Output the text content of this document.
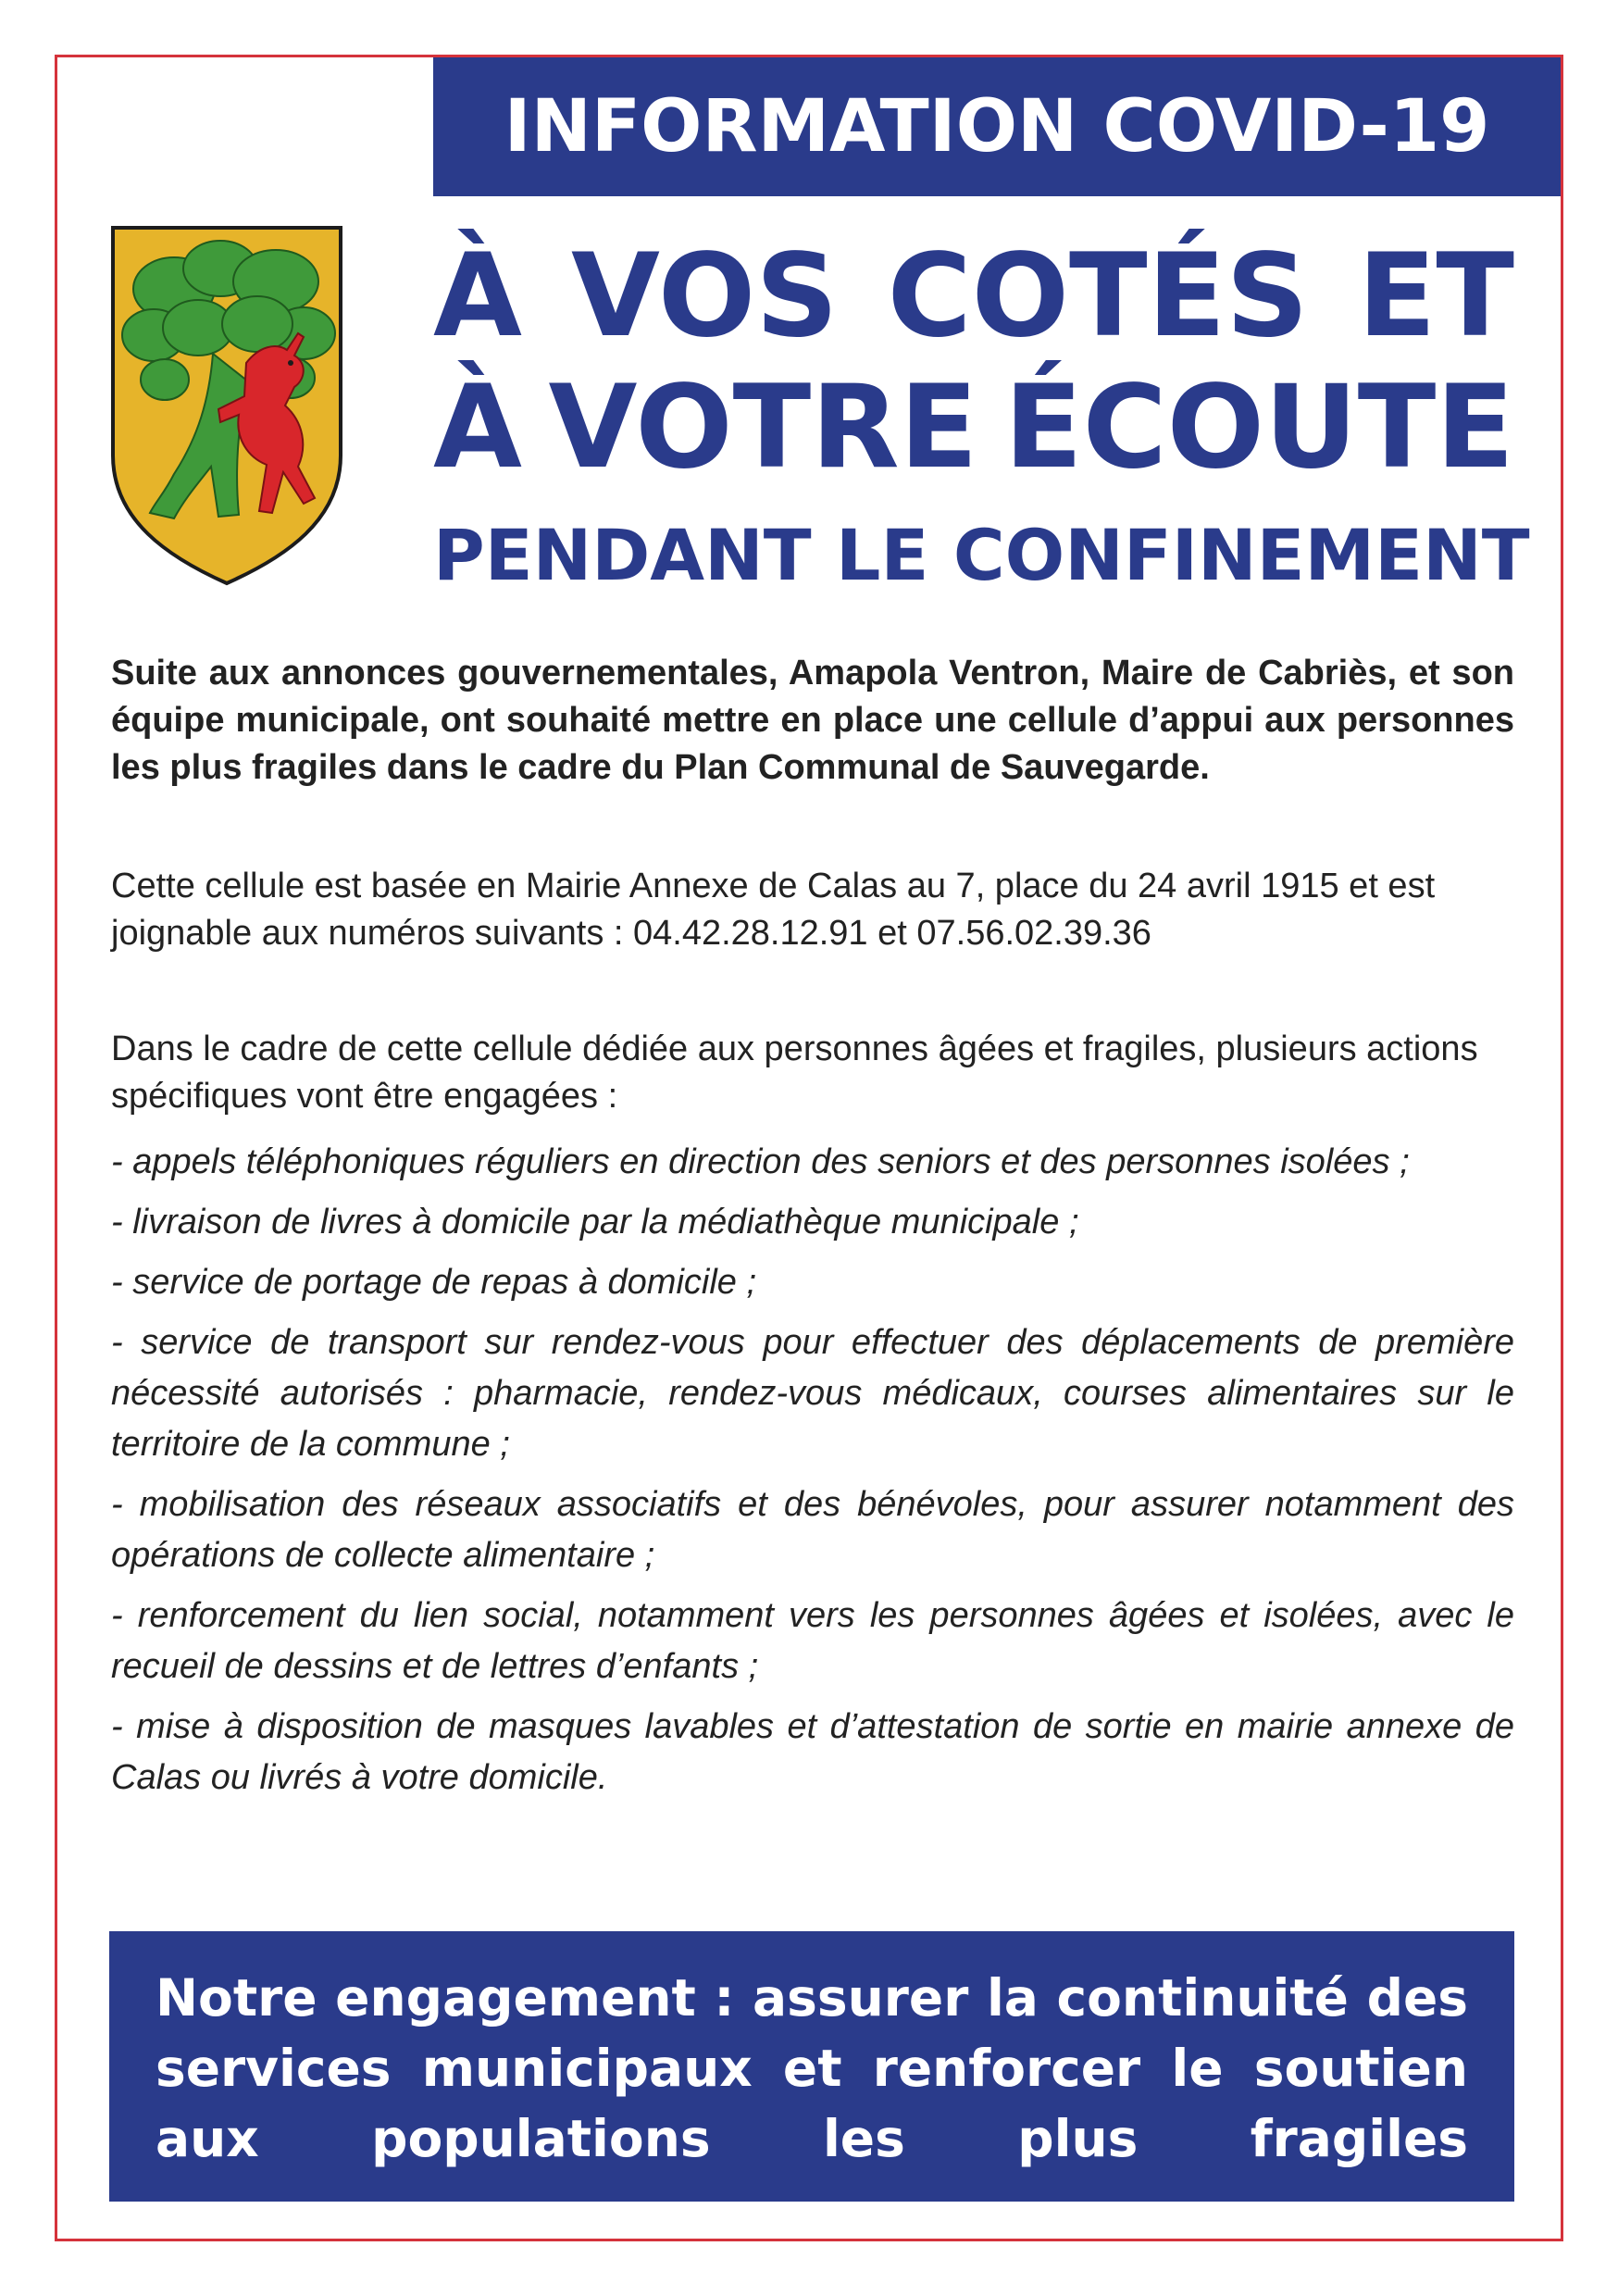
INFORMATION COVID-19
À VOS COTÉS ET
À VOTRE ÉCOUTE
PENDANT LE CONFINEMENT
Suite aux annonces gouvernementales, Amapola Ventron, Maire de Cabriès, et son équipe municipale, ont souhaité mettre en place une cellule d’appui aux personnes les plus fragiles dans le cadre du Plan Communal de Sauvegarde.
Cette cellule est basée en Mairie Annexe de Calas au 7, place du 24 avril 1915 et est joignable aux numéros suivants : 04.42.28.12.91 et 07.56.02.39.36
Dans le cadre de cette cellule dédiée aux personnes âgées et fragiles, plusieurs actions spécifiques vont être engagées :
- appels téléphoniques réguliers en direction des seniors et des personnes isolées ;
- livraison de livres à domicile par la médiathèque municipale ;
- service de portage de repas à domicile ;
- service de transport sur rendez-vous pour effectuer des déplacements de première nécessité autorisés : pharmacie, rendez-vous médicaux, courses alimentaires sur le territoire de la commune ;
- mobilisation des réseaux associatifs et des bénévoles, pour assurer notamment des opérations de collecte alimentaire ;
- renforcement du lien social, notamment vers les personnes âgées et isolées, avec le recueil de dessins et de lettres d’enfants ;
- mise à disposition de masques lavables et d’attestation de sortie en mairie annexe de Calas ou livrés à votre domicile.
Notre engagement : assurer la continuité des services municipaux et renforcer le soutien aux populations les plus fragiles
